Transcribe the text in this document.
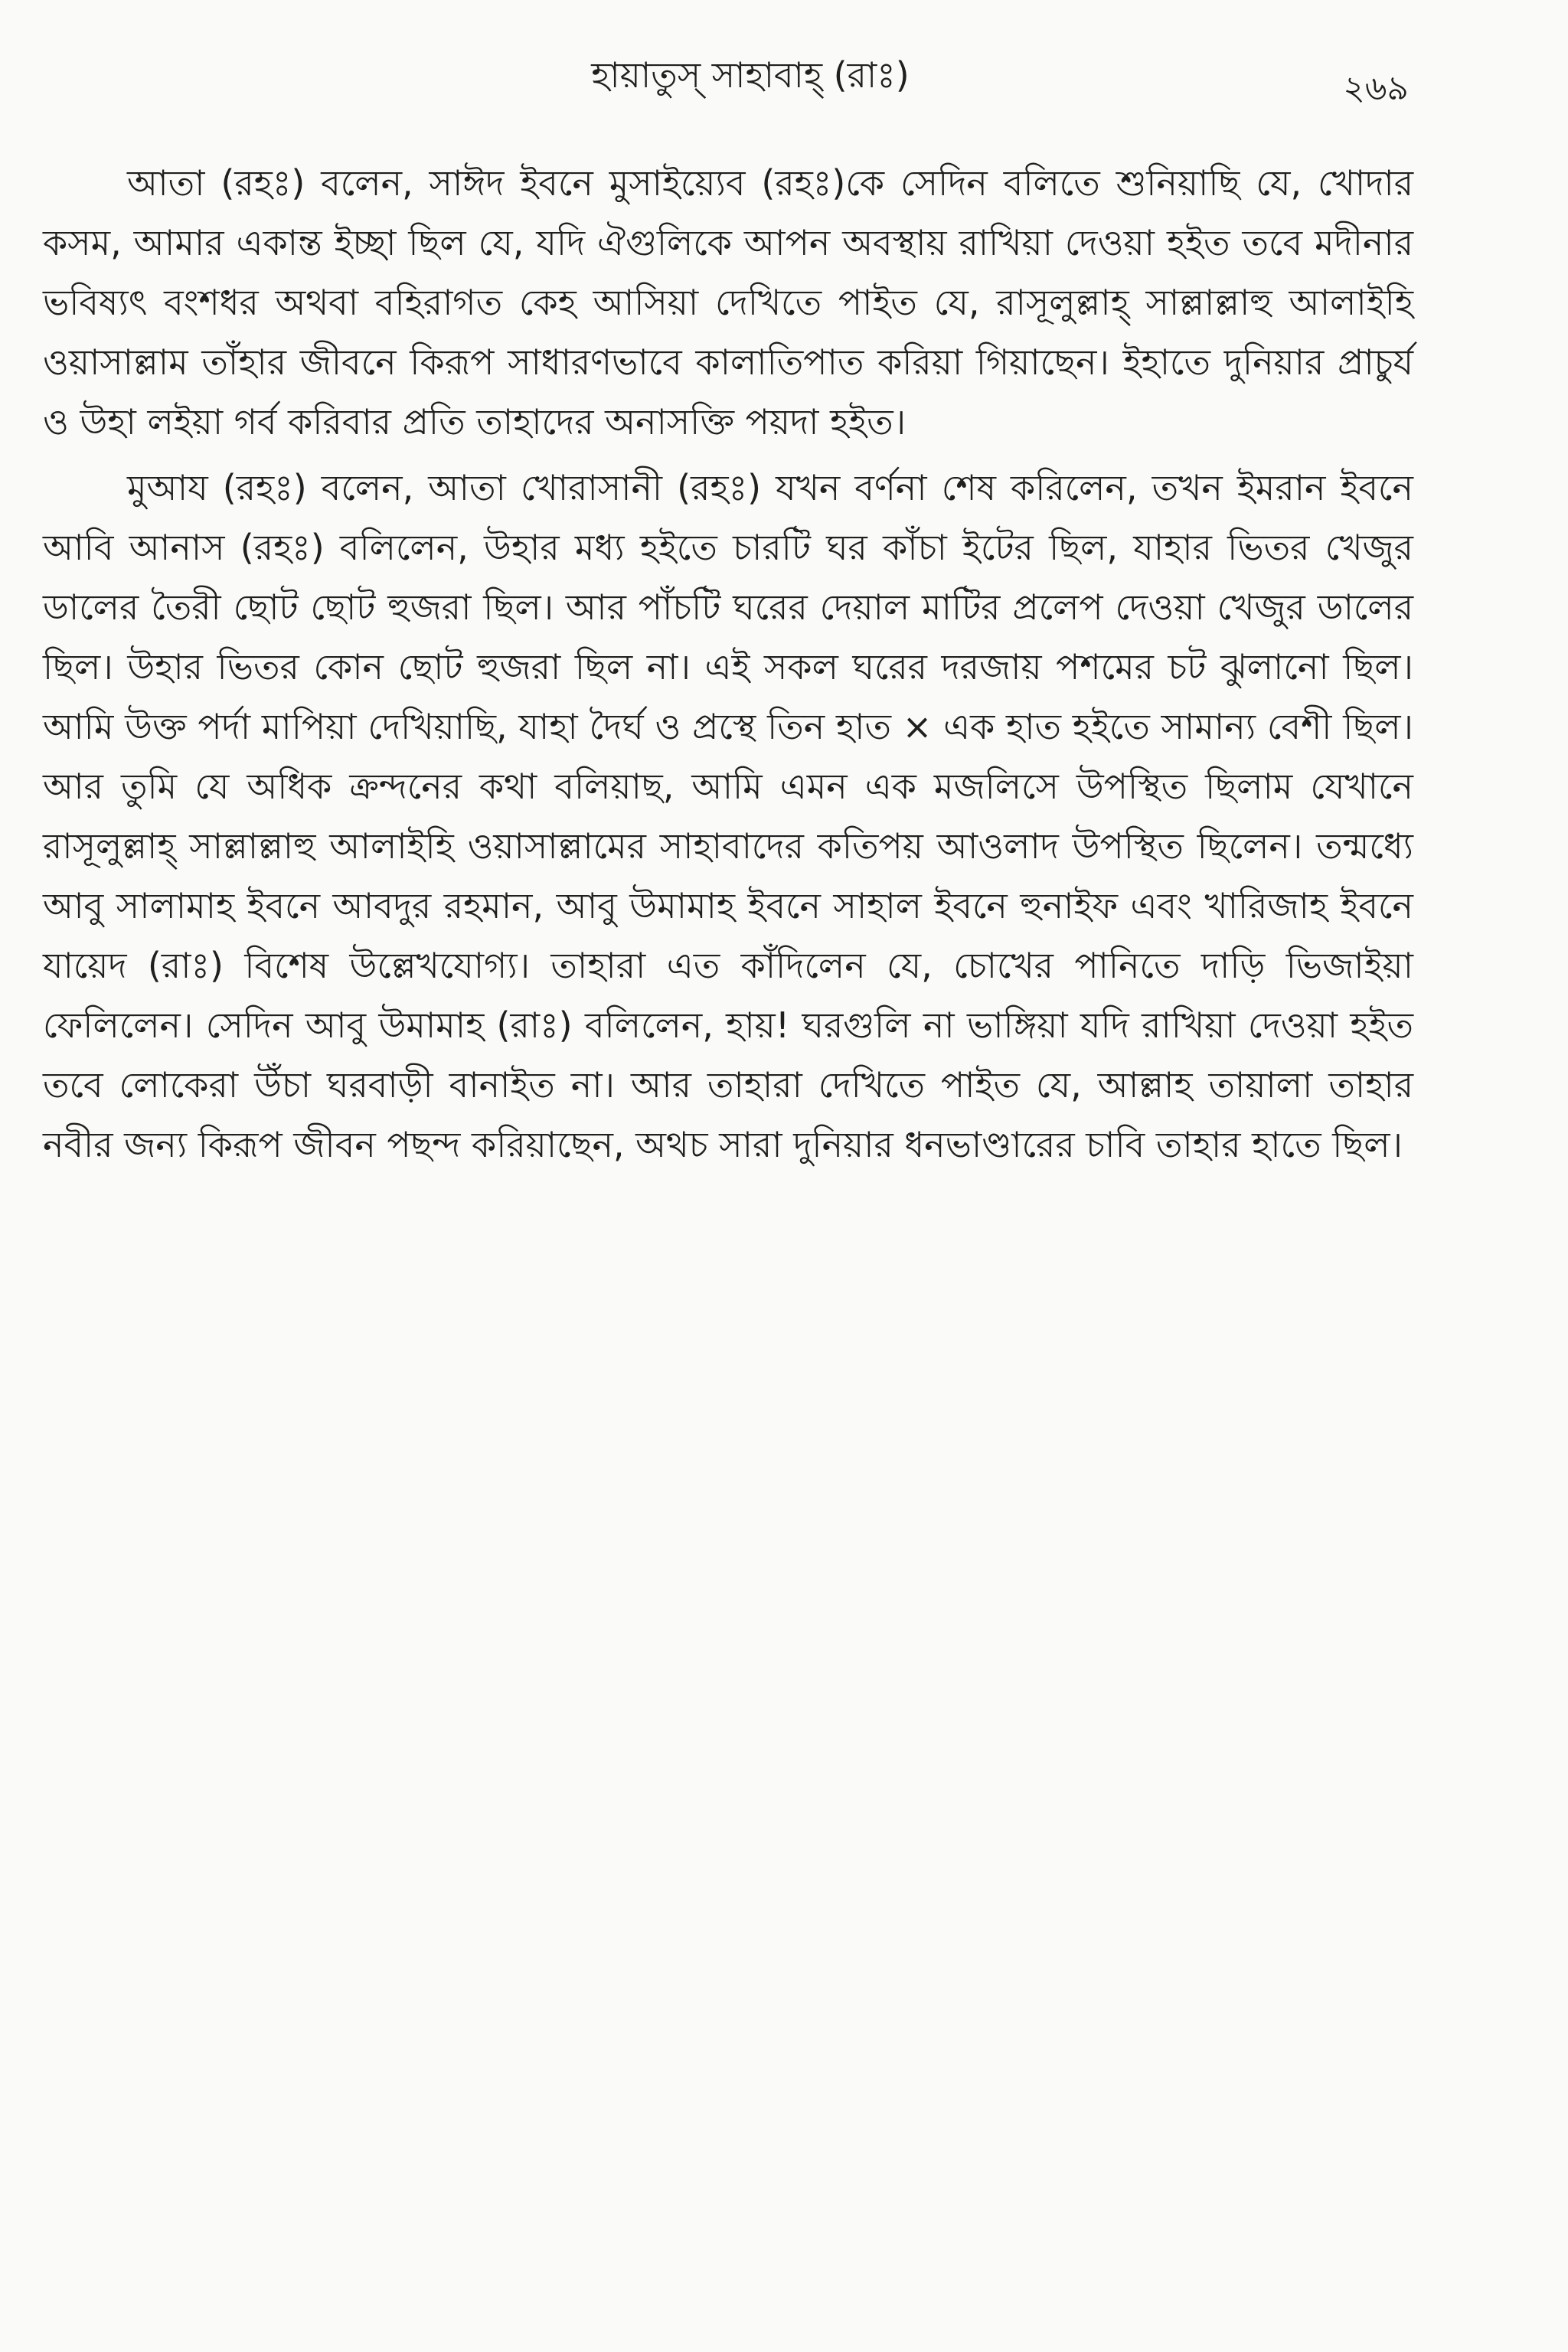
হায়াতুস্ সাহাবাহ্ (রাঃ)	২৬৯

আতা (রহঃ) বলেন, সাঈদ ইবনে মুসাইয়্যেব (রহঃ)কে সেদিন বলিতে শুনিয়াছি যে, খোদার কসম, আমার একান্ত ইচ্ছা ছিল যে, যদি ঐগুলিকে আপন অবস্থায় রাখিয়া দেওয়া হইত তবে মদীনার ভবিষ্যৎ বংশধর অথবা বহিরাগত কেহ আসিয়া দেখিতে পাইত যে, রাসূলুল্লাহ্ সাল্লাল্লাহু আলাইহি ওয়াসাল্লাম তাঁহার জীবনে কিরূপ সাধারণভাবে কালাতিপাত করিয়া গিয়াছেন। ইহাতে দুনিয়ার প্রাচুর্য ও উহা লইয়া গর্ব করিবার প্রতি তাহাদের অনাসক্তি পয়দা হইত।

মুআয (রহঃ) বলেন, আতা খোরাসানী (রহঃ) যখন বর্ণনা শেষ করিলেন, তখন ইমরান ইবনে আবি আনাস (রহঃ) বলিলেন, উহার মধ্য হইতে চারটি ঘর কাঁচা ইটের ছিল, যাহার ভিতর খেজুর ডালের তৈরী ছোট ছোট হুজরা ছিল। আর পাঁচটি ঘরের দেয়াল মাটির প্রলেপ দেওয়া খেজুর ডালের ছিল। উহার ভিতর কোন ছোট হুজরা ছিল না। এই সকল ঘরের দরজায় পশমের চট ঝুলানো ছিল। আমি উক্ত পর্দা মাপিয়া দেখিয়াছি, যাহা দৈর্ঘ ও প্রস্থে তিন হাত × এক হাত হইতে সামান্য বেশী ছিল। আর তুমি যে অধিক ক্রন্দনের কথা বলিয়াছ, আমি এমন এক মজলিসে উপস্থিত ছিলাম যেখানে রাসূলুল্লাহ্ সাল্লাল্লাহু আলাইহি ওয়াসাল্লামের সাহাবাদের কতিপয় আওলাদ উপস্থিত ছিলেন। তন্মধ্যে আবু সালামাহ ইবনে আবদুর রহমান, আবু উমামাহ ইবনে সাহাল ইবনে হুনাইফ এবং খারিজাহ ইবনে যায়েদ (রাঃ) বিশেষ উল্লেখযোগ্য। তাহারা এত কাঁদিলেন যে, চোখের পানিতে দাড়ি ভিজাইয়া ফেলিলেন। সেদিন আবু উমামাহ (রাঃ) বলিলেন, হায়! ঘরগুলি না ভাঙ্গিয়া যদি রাখিয়া দেওয়া হইত তবে লোকেরা উঁচা ঘরবাড়ী বানাইত না। আর তাহারা দেখিতে পাইত যে, আল্লাহ তায়ালা তাহার নবীর জন্য কিরূপ জীবন পছন্দ করিয়াছেন, অথচ সারা দুনিয়ার ধনভাণ্ডারের চাবি তাহার হাতে ছিল।
